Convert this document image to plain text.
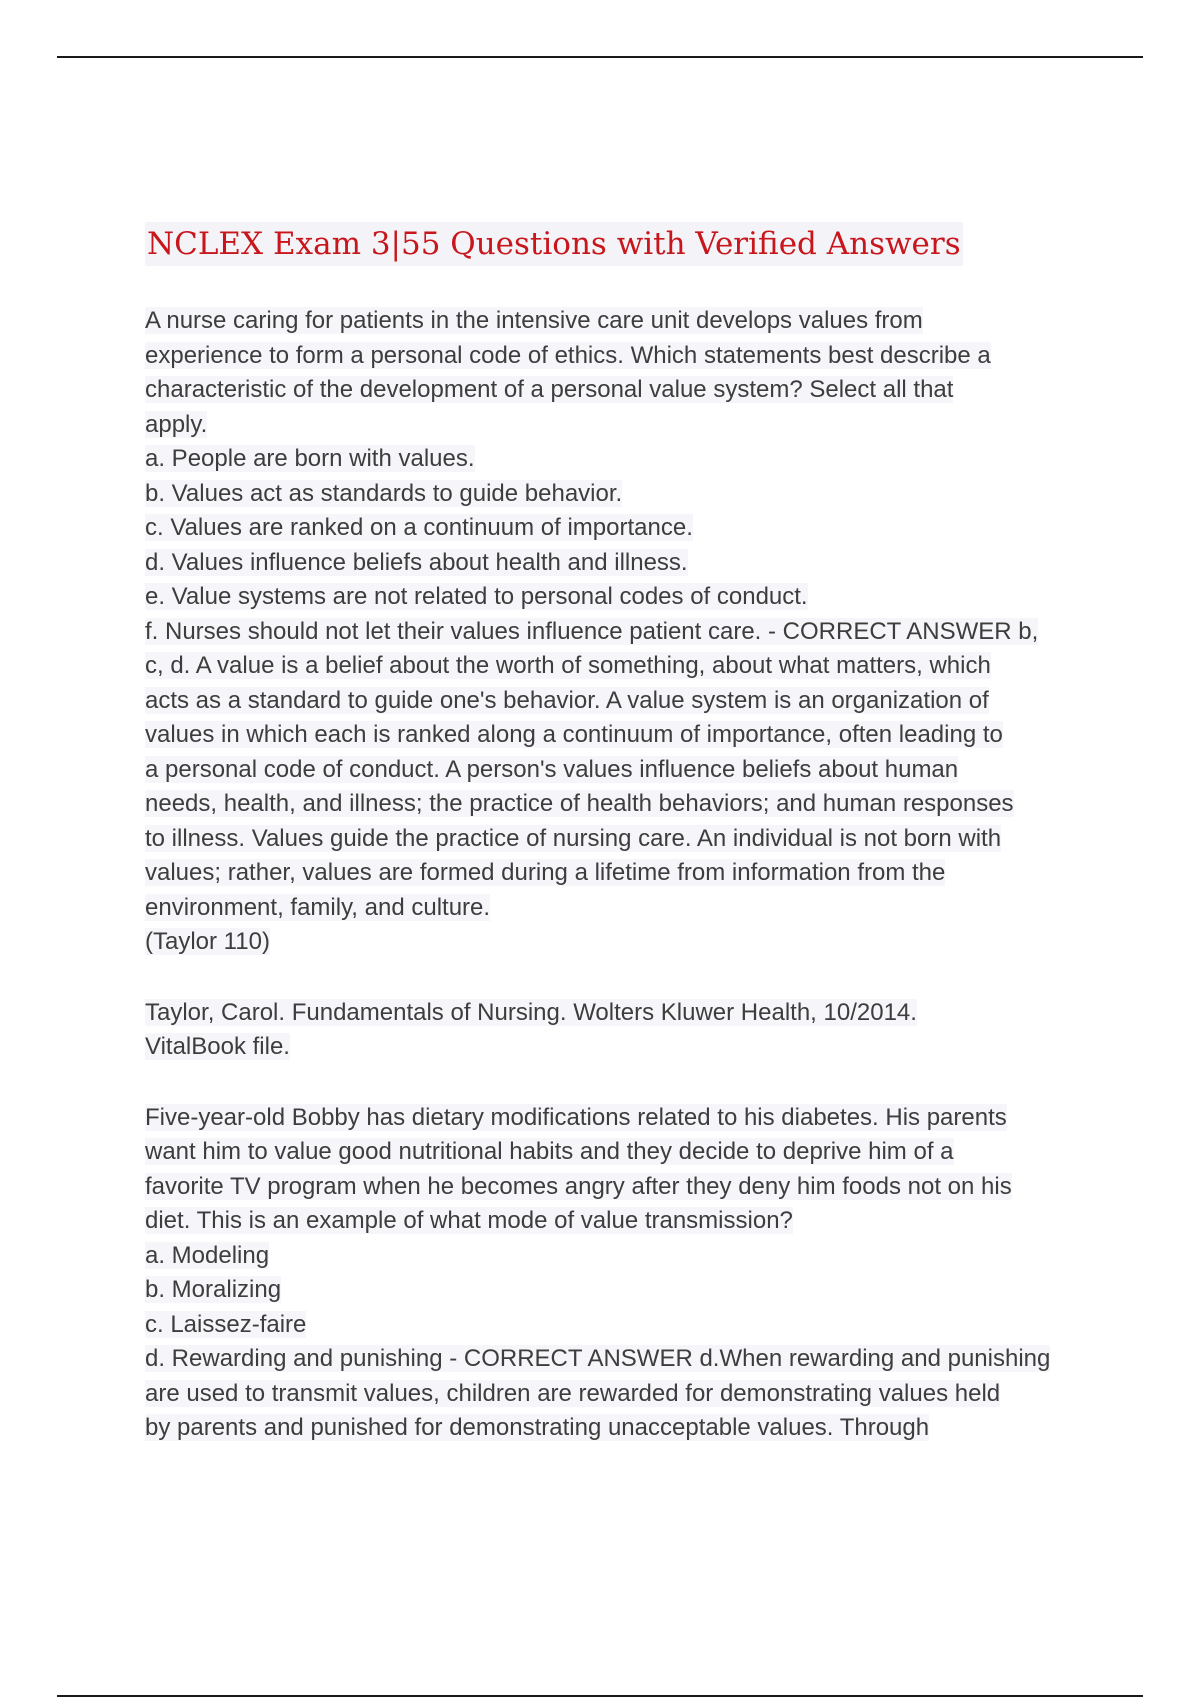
NCLEX Exam 3|55 Questions with Verified Answers
A nurse caring for patients in the intensive care unit develops values from
experience to form a personal code of ethics. Which statements best describe a
characteristic of the development of a personal value system? Select all that
apply.
a. People are born with values.
b. Values act as standards to guide behavior.
c. Values are ranked on a continuum of importance.
d. Values influence beliefs about health and illness.
e. Value systems are not related to personal codes of conduct.
f. Nurses should not let their values influence patient care. - CORRECT ANSWER b,
c, d. A value is a belief about the worth of something, about what matters, which
acts as a standard to guide one's behavior. A value system is an organization of
values in which each is ranked along a continuum of importance, often leading to
a personal code of conduct. A person's values influence beliefs about human
needs, health, and illness; the practice of health behaviors; and human responses
to illness. Values guide the practice of nursing care. An individual is not born with
values; rather, values are formed during a lifetime from information from the
environment, family, and culture.
(Taylor 110)
Taylor, Carol. Fundamentals of Nursing. Wolters Kluwer Health, 10/2014.
VitalBook file.
Five-year-old Bobby has dietary modifications related to his diabetes. His parents
want him to value good nutritional habits and they decide to deprive him of a
favorite TV program when he becomes angry after they deny him foods not on his
diet. This is an example of what mode of value transmission?
a. Modeling
b. Moralizing
c. Laissez-faire
d. Rewarding and punishing - CORRECT ANSWER d.When rewarding and punishing
are used to transmit values, children are rewarded for demonstrating values held
by parents and punished for demonstrating unacceptable values. Through
